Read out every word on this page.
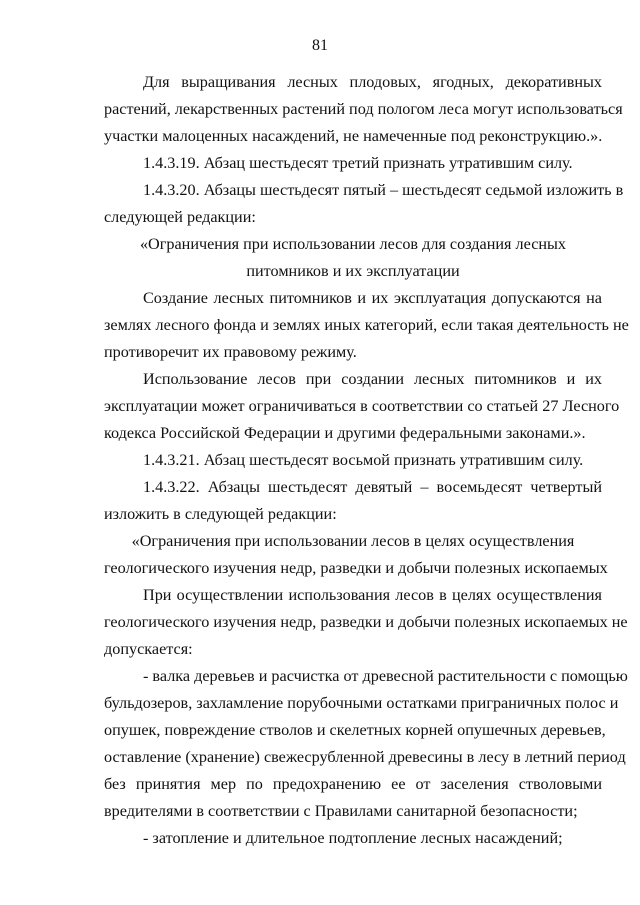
81
Для выращивания лесных плодовых, ягодных, декоративных
растений, лекарственных растений под пологом леса могут использоваться
участки малоценных насаждений, не намеченные под реконструкцию.».
1.4.3.19. Абзац шестьдесят третий признать утратившим силу.
1.4.3.20. Абзацы шестьдесят пятый – шестьдесят седьмой изложить в
следующей редакции:
«Ограничения при использовании лесов для создания лесных
питомников и их эксплуатации
Создание лесных питомников и их эксплуатация допускаются на
землях лесного фонда и землях иных категорий, если такая деятельность не
противоречит их правовому режиму.
Использование лесов при создании лесных питомников и их
эксплуатации может ограничиваться в соответствии со статьей 27 Лесного
кодекса Российской Федерации и другими федеральными законами.».
1.4.3.21. Абзац шестьдесят восьмой признать утратившим силу.
1.4.3.22. Абзацы шестьдесят девятый – восемьдесят четвертый
изложить в следующей редакции:
«Ограничения при использовании лесов в целях осуществления
геологического изучения недр, разведки и добычи полезных ископаемых
При осуществлении использования лесов в целях осуществления
геологического изучения недр, разведки и добычи полезных ископаемых не
допускается:
- валка деревьев и расчистка от древесной растительности с помощью
бульдозеров, захламление порубочными остатками приграничных полос и
опушек, повреждение стволов и скелетных корней опушечных деревьев,
оставление (хранение) свежесрубленной древесины в лесу в летний период
без принятия мер по предохранению ее от заселения стволовыми
вредителями в соответствии с Правилами санитарной безопасности;
- затопление и длительное подтопление лесных насаждений;
